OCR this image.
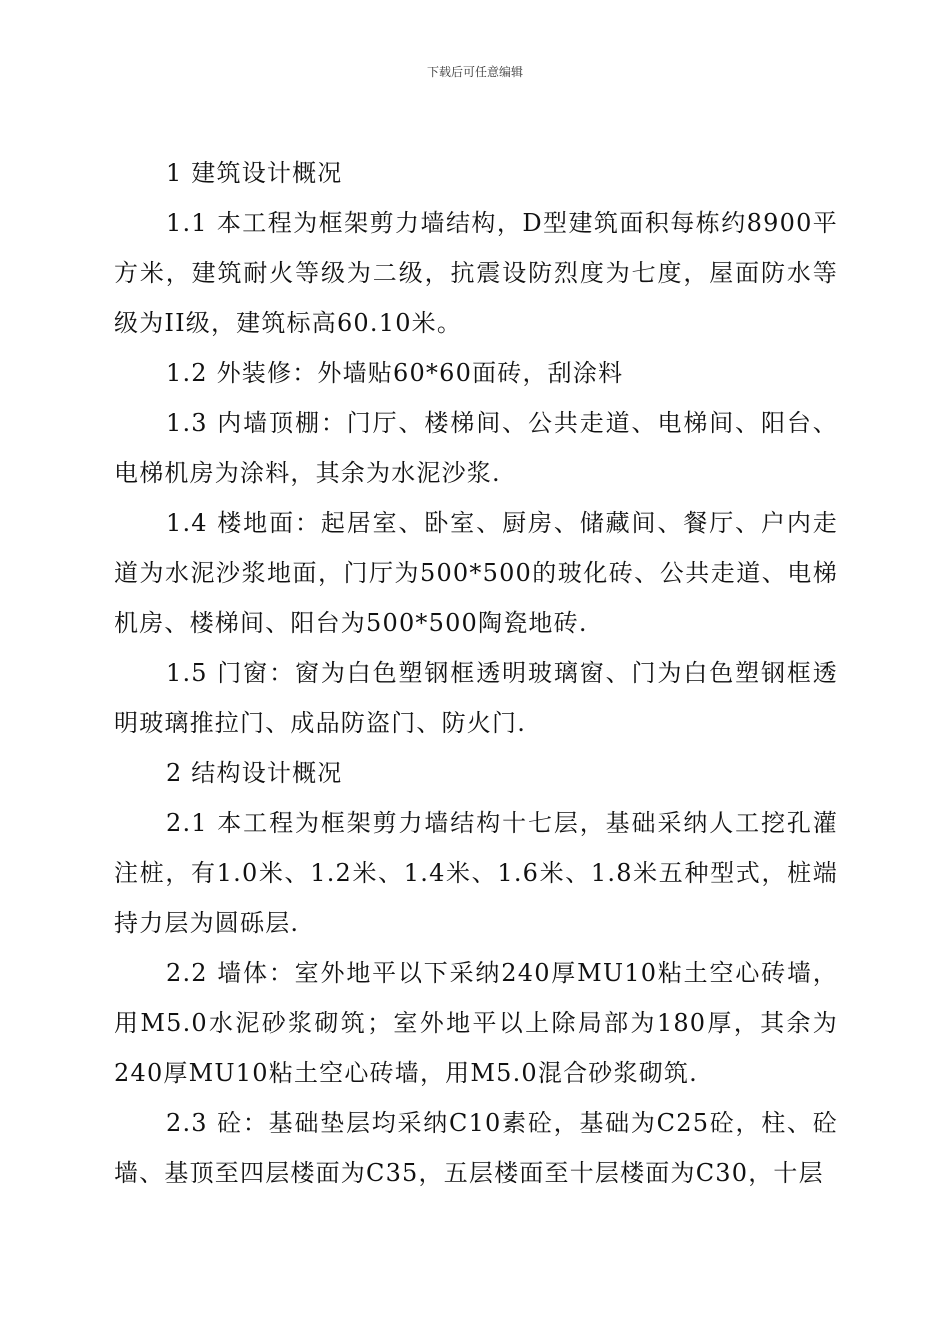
下载后可任意编辑

1 建筑设计概况

1.1 本工程为框架剪力墙结构，D型建筑面积每栋约8900平方米，建筑耐火等级为二级，抗震设防烈度为七度，屋面防水等级为II级，建筑标高60.10米。

1.2 外装修：外墙贴60*60面砖，刮涂料

1.3 内墙顶棚：门厅、楼梯间、公共走道、电梯间、阳台、电梯机房为涂料，其余为水泥沙浆.

1.4 楼地面：起居室、卧室、厨房、储藏间、餐厅、户内走道为水泥沙浆地面，门厅为500*500的玻化砖、公共走道、电梯机房、楼梯间、阳台为500*500陶瓷地砖.

1.5 门窗：窗为白色塑钢框透明玻璃窗、门为白色塑钢框透明玻璃推拉门、成品防盗门、防火门.

2 结构设计概况

2.1 本工程为框架剪力墙结构十七层，基础采纳人工挖孔灌注桩，有1.0米、1.2米、1.4米、1.6米、1.8米五种型式，桩端持力层为圆砾层.

2.2 墙体：室外地平以下采纳240厚MU10粘土空心砖墙，用M5.0水泥砂浆砌筑；室外地平以上除局部为180厚，其余为240厚MU10粘土空心砖墙，用M5.0混合砂浆砌筑.

2.3 砼：基础垫层均采纳C10素砼，基础为C25砼，柱、砼墙、基顶至四层楼面为C35，五层楼面至十层楼面为C30，十层
